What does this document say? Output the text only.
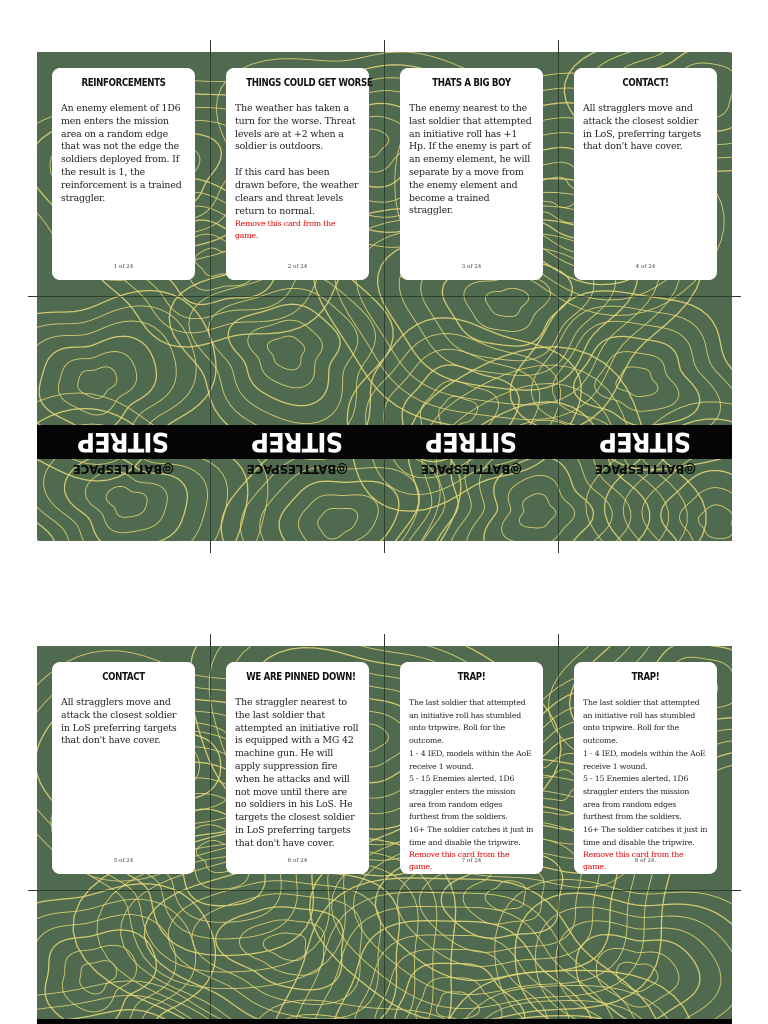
SITREP	SITREP	SITREP	SITREP
@BATTLESPACE	@BATTLESPACE	@BATTLESPACE	@BATTLESPACE
REINFORCEMENTS

An enemy element of 1D6 men enters the mission area on a random edge that was not the edge the soldiers deployed from. If the result is 1, the reinforcement is a trained straggler.

1 of 24
THINGS COULD GET WORSE

The weather has taken a turn for the worse. Threat levels are at +2 when a soldier is outdoors.

If this card has been drawn before, the weather clears and threat levels return to normal.

Remove this card from the game.
2 of 24
THATS A BIG BOY

The enemy nearest to the last soldier that attempted an initiative roll has +1 Hp. If the enemy is part of an enemy element, he will separate by a move from the enemy element and become a trained straggler.

3 of 24
CONTACT!

All stragglers move and attack the closest soldier in LoS, preferring targets that don't have cover.

4 of 24
CONTACT

All stragglers move and attack the closest soldier in LoS preferring targets that don't have cover.

5 of 24
WE ARE PINNED DOWN!

The straggler nearest to the last soldier that attempted an initiative roll is equipped with a MG 42 machine gun. He will apply suppression fire when he attacks and will not move until there are no soldiers in his LoS. He targets the closest soldier in LoS preferring targets that don't have cover.

6 of 24
TRAP!

The last soldier that attempted an initiative roll has stumbled onto tripwire. Roll for the outcome.

1 - 4 IED, models within the AoE receive 1 wound.

5 - 15 Enemies alerted, 1D6 straggler enters the mission area from random edges furthest from the soldiers.

16+ The soldier catches it just in time and disable the tripwire.

Remove this card from the game.
7 of 24
TRAP!

The last soldier that attempted an initiative roll has stumbled onto tripwire. Roll for the outcome.

1 - 4 IED, models within the AoE receive 1 wound.

5 - 15 Enemies alerted, 1D6 straggler enters the mission area from random edges furthest from the soldiers.

16+ The soldier catches it just in time and disable the tripwire.

Remove this card from the game.
8 of 24.
